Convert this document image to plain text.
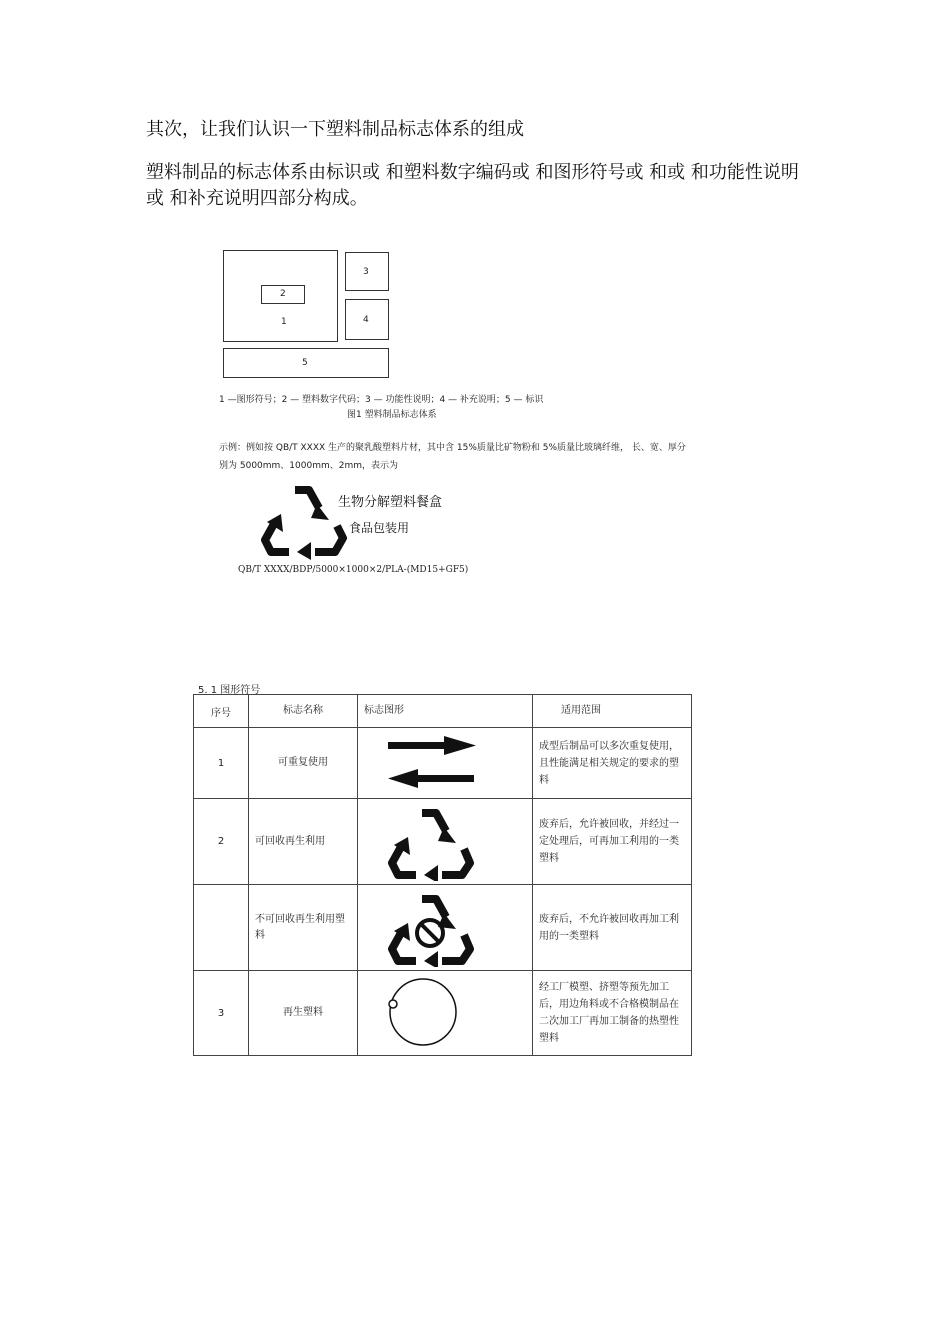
其次，让我们认识一下塑料制品标志体系的组成
塑料制品的标志体系由标识或 和塑料数字编码或 和图形符号或 和或 和功能性说明或 和补充说明四部分构成。
2
1
3
4
5
1 —图形符号；2 — 塑料数字代码；3 — 功能性说明；4 — 补充说明；5 — 标识
图1 塑料制品标志体系
示例：例如按 QB/T XXXX 生产的聚乳酸塑料片材，其中含 15%质量比矿物粉和 5%质量比玻璃纤维， 长、宽、厚分
别为 5000mm、1000mm、2mm，表示为
生物分解塑料餐盒
食品包装用
QB/T XXXX/BDP/5000×1000×2/PLA-(MD15+GF5)
5. 1 图形符号
序号	标志名称	标志图形	适用范围
1	可重复使用		成型后制品可以多次重复使用，且性能满足相关规定的要求的塑料
2	可回收再生利用		废弃后，允许被回收，并经过一定处理后，可再加工利用的一类塑料
	不可回收再生利用塑料		废弃后，不允许被回收再加工利用的一类塑料
3	再生塑料		经工厂模塑、挤塑等预先加工后，用边角料或不合格模制品在二次加工厂再加工制备的热塑性塑料
